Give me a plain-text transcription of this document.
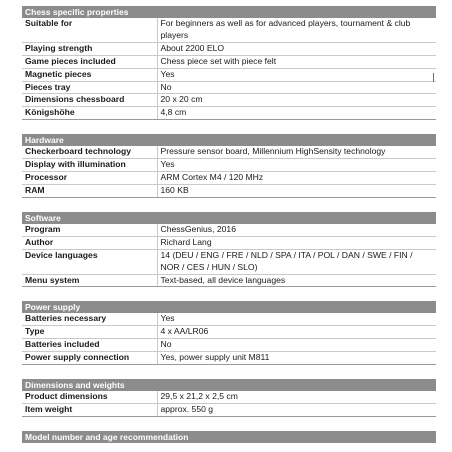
Chess specific properties	
Suitable for	For beginners as well as for advanced players, tournament & club players
Playing strength	About 2200 ELO
Game pieces included	Chess piece set with piece felt
Magnetic pieces	Yes
Pieces tray	No
Dimensions chessboard	20 x 20 cm
Königshöhe	4,8 cm
Hardware	
Checkerboard technology	Pressure sensor board, Millennium HighSensity technology
Display with illumination	Yes
Processor	ARM Cortex M4 / 120 MHz
RAM	160 KB
Software	
Program	ChessGenius, 2016
Author	Richard Lang
Device languages	14 (DEU / ENG / FRE / NLD / SPA / ITA / POL / DAN / SWE / FIN / NOR / CES / HUN / SLO)
Menu system	Text-based, all device languages
Power supply	
Batteries necessary	Yes
Type	4 x AA/LR06
Batteries included	No
Power supply connection	Yes, power supply unit M811
Dimensions and weights	
Product dimensions	29,5 x 21,2 x 2,5 cm
Item weight	approx. 550 g
Model number and age recommendation
